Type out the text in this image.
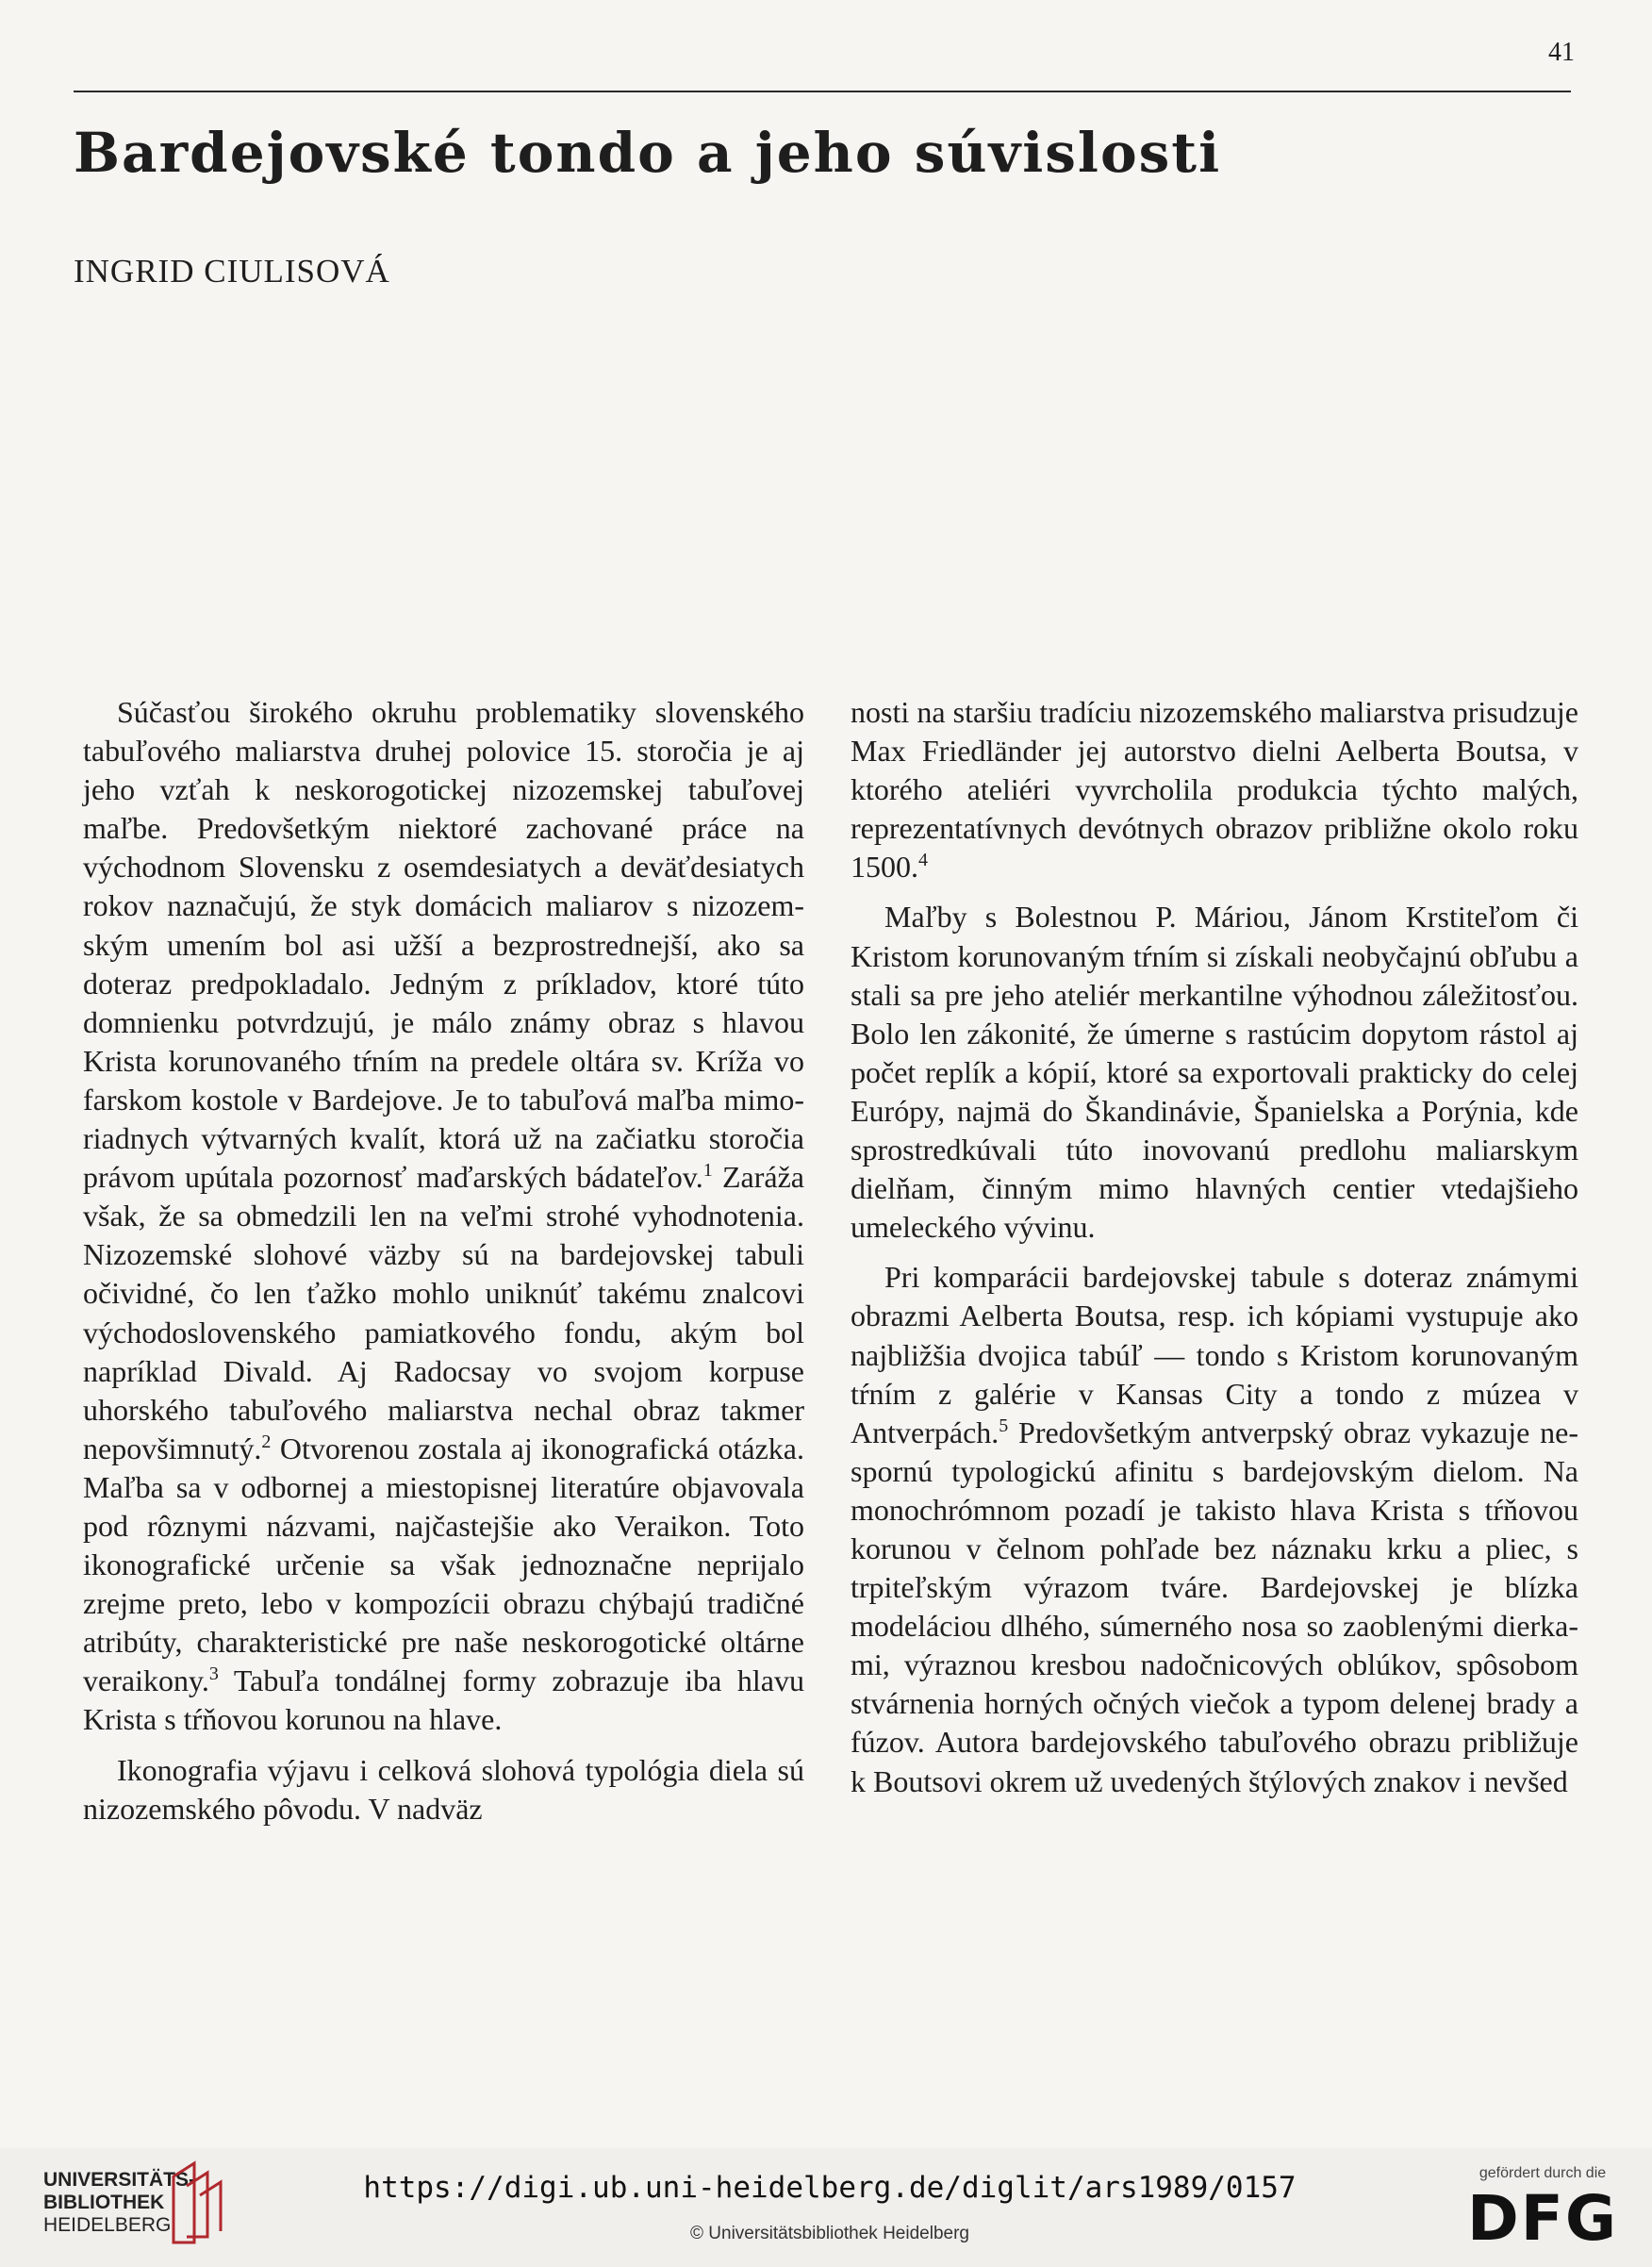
41
Bardejovské tondo a jeho súvislosti
INGRID CIULISOVÁ

Súčasťou širokého okruhu problematiky slovenského tabuľového maliarstva druhej polovice 15. storočia je aj jeho vzťah k neskorogotickej nizozemskej tabuľovej maľbe. Predovšetkým niektoré zachované práce na východnom Slovensku z osemdesiatych a deväťdesiatych rokov naznačujú, že styk domácich maliarov s nizozemským umením bol asi užší a bezprostrednejší, ako sa doteraz predpokladalo. Jedným z príkladov, ktoré túto domnienku potvrdzujú, je málo známy obraz s hlavou Krista korunovaného tŕním na predele oltára sv. Kríža vo farskom kostole v Bardejove. Je to tabuľová maľba mimoriadnych výtvarných kvalít, ktorá už na začiatku storočia právom upútala pozornosť maďarských bádateľov.$^1$ Zaráža však, že sa obmedzili len na veľmi strohé vyhodnotenia. Nizozemské slohové väzby sú na bardejovskej tabuli očividné, čo len ťažko mohlo uniknúť takému znalcovi východoslovenského pamiatkového fondu, akým bol napríklad Divald. Aj Radocsay vo svojom korpuse uhorského tabuľového maliarstva nechal obraz takmer nepovšimnutý.$^2$ Otvorenou zostala aj ikonografická otázka. Maľba sa v odbornej a miestopisnej literatúre objavovala pod rôznymi názvami, najčastejšie ako Veraikon. Toto ikonografické určenie sa však jednoznačne neprijalo zrejme preto, lebo v kompozícii obrazu chýbajú tradičné atribúty, charakteristické pre naše neskorogotické oltárne veraikony.$^3$ Tabuľa tondálnej formy zobrazuje iba hlavu Krista s tŕňovou korunou na hlave.

Ikonografia výjavu i celková slohová typológia diela sú nizozemského pôvodu. V nadväz

nosti na staršiu tradíciu nizozemského maliarstva prisudzuje Max Friedländer jej autorstvo dielni Aelberta Boutsa, v ktorého ateliéri vyvrcholila produkcia týchto malých, reprezentatívnych devótnych obrazov približne okolo roku 1500.$^4$

Maľby s Bolestnou P. Máriou, Jánom Krstiteľom či Kristom korunovaným tŕním si získali neobyčajnú obľubu a stali sa pre jeho ateliér merkantilne výhodnou záležitosťou. Bolo len zákonité, že úmerne s rastúcim dopytom rástol aj počet replík a kópií, ktoré sa exportovali prakticky do celej Európy, najmä do Škandinávie, Španielska a Porýnia, kde sprostredkúvali túto inovovanú predlohu maliarskym dielňam, činným mimo hlavných centier vtedajšieho umeleckého vývinu.

Pri komparácii bardejovskej tabule s doteraz známymi obrazmi Aelberta Boutsa, resp. ich kópiami vystupuje ako najbližšia dvojica tabúľ — tondo s Kristom korunovaným tŕním z galérie v Kansas City a tondo z múzea v Antverpách.$^5$ Predovšetkým antverpský obraz vykazuje nespornú typologickú afinitu s bardejovským dielom. Na monochrómnom pozadí je takisto hlava Krista s tŕňovou korunou v čelnom pohľade bez náznaku krku a pliec, s trpiteľským výrazom tváre. Bardejovskej je blízka modeláciou dlhého, súmerného nosa so zaoblenými dierkami, výraznou kresbou nadočnicových oblúkov, spôsobom stvárnenia horných očných viečok a typom delenej brady a fúzov. Autora bardejovského tabuľového obrazu približuje k Boutsovi okrem už uvedených štýlových znakov i nevšed

UNIVERSITÄTS-
BIBLIOTHEK
HEIDELBERG
https://digi.ub.uni-heidelberg.de/diglit/ars1989/0157
© Universitätsbibliothek Heidelberg
gefördert durch die
DFG
